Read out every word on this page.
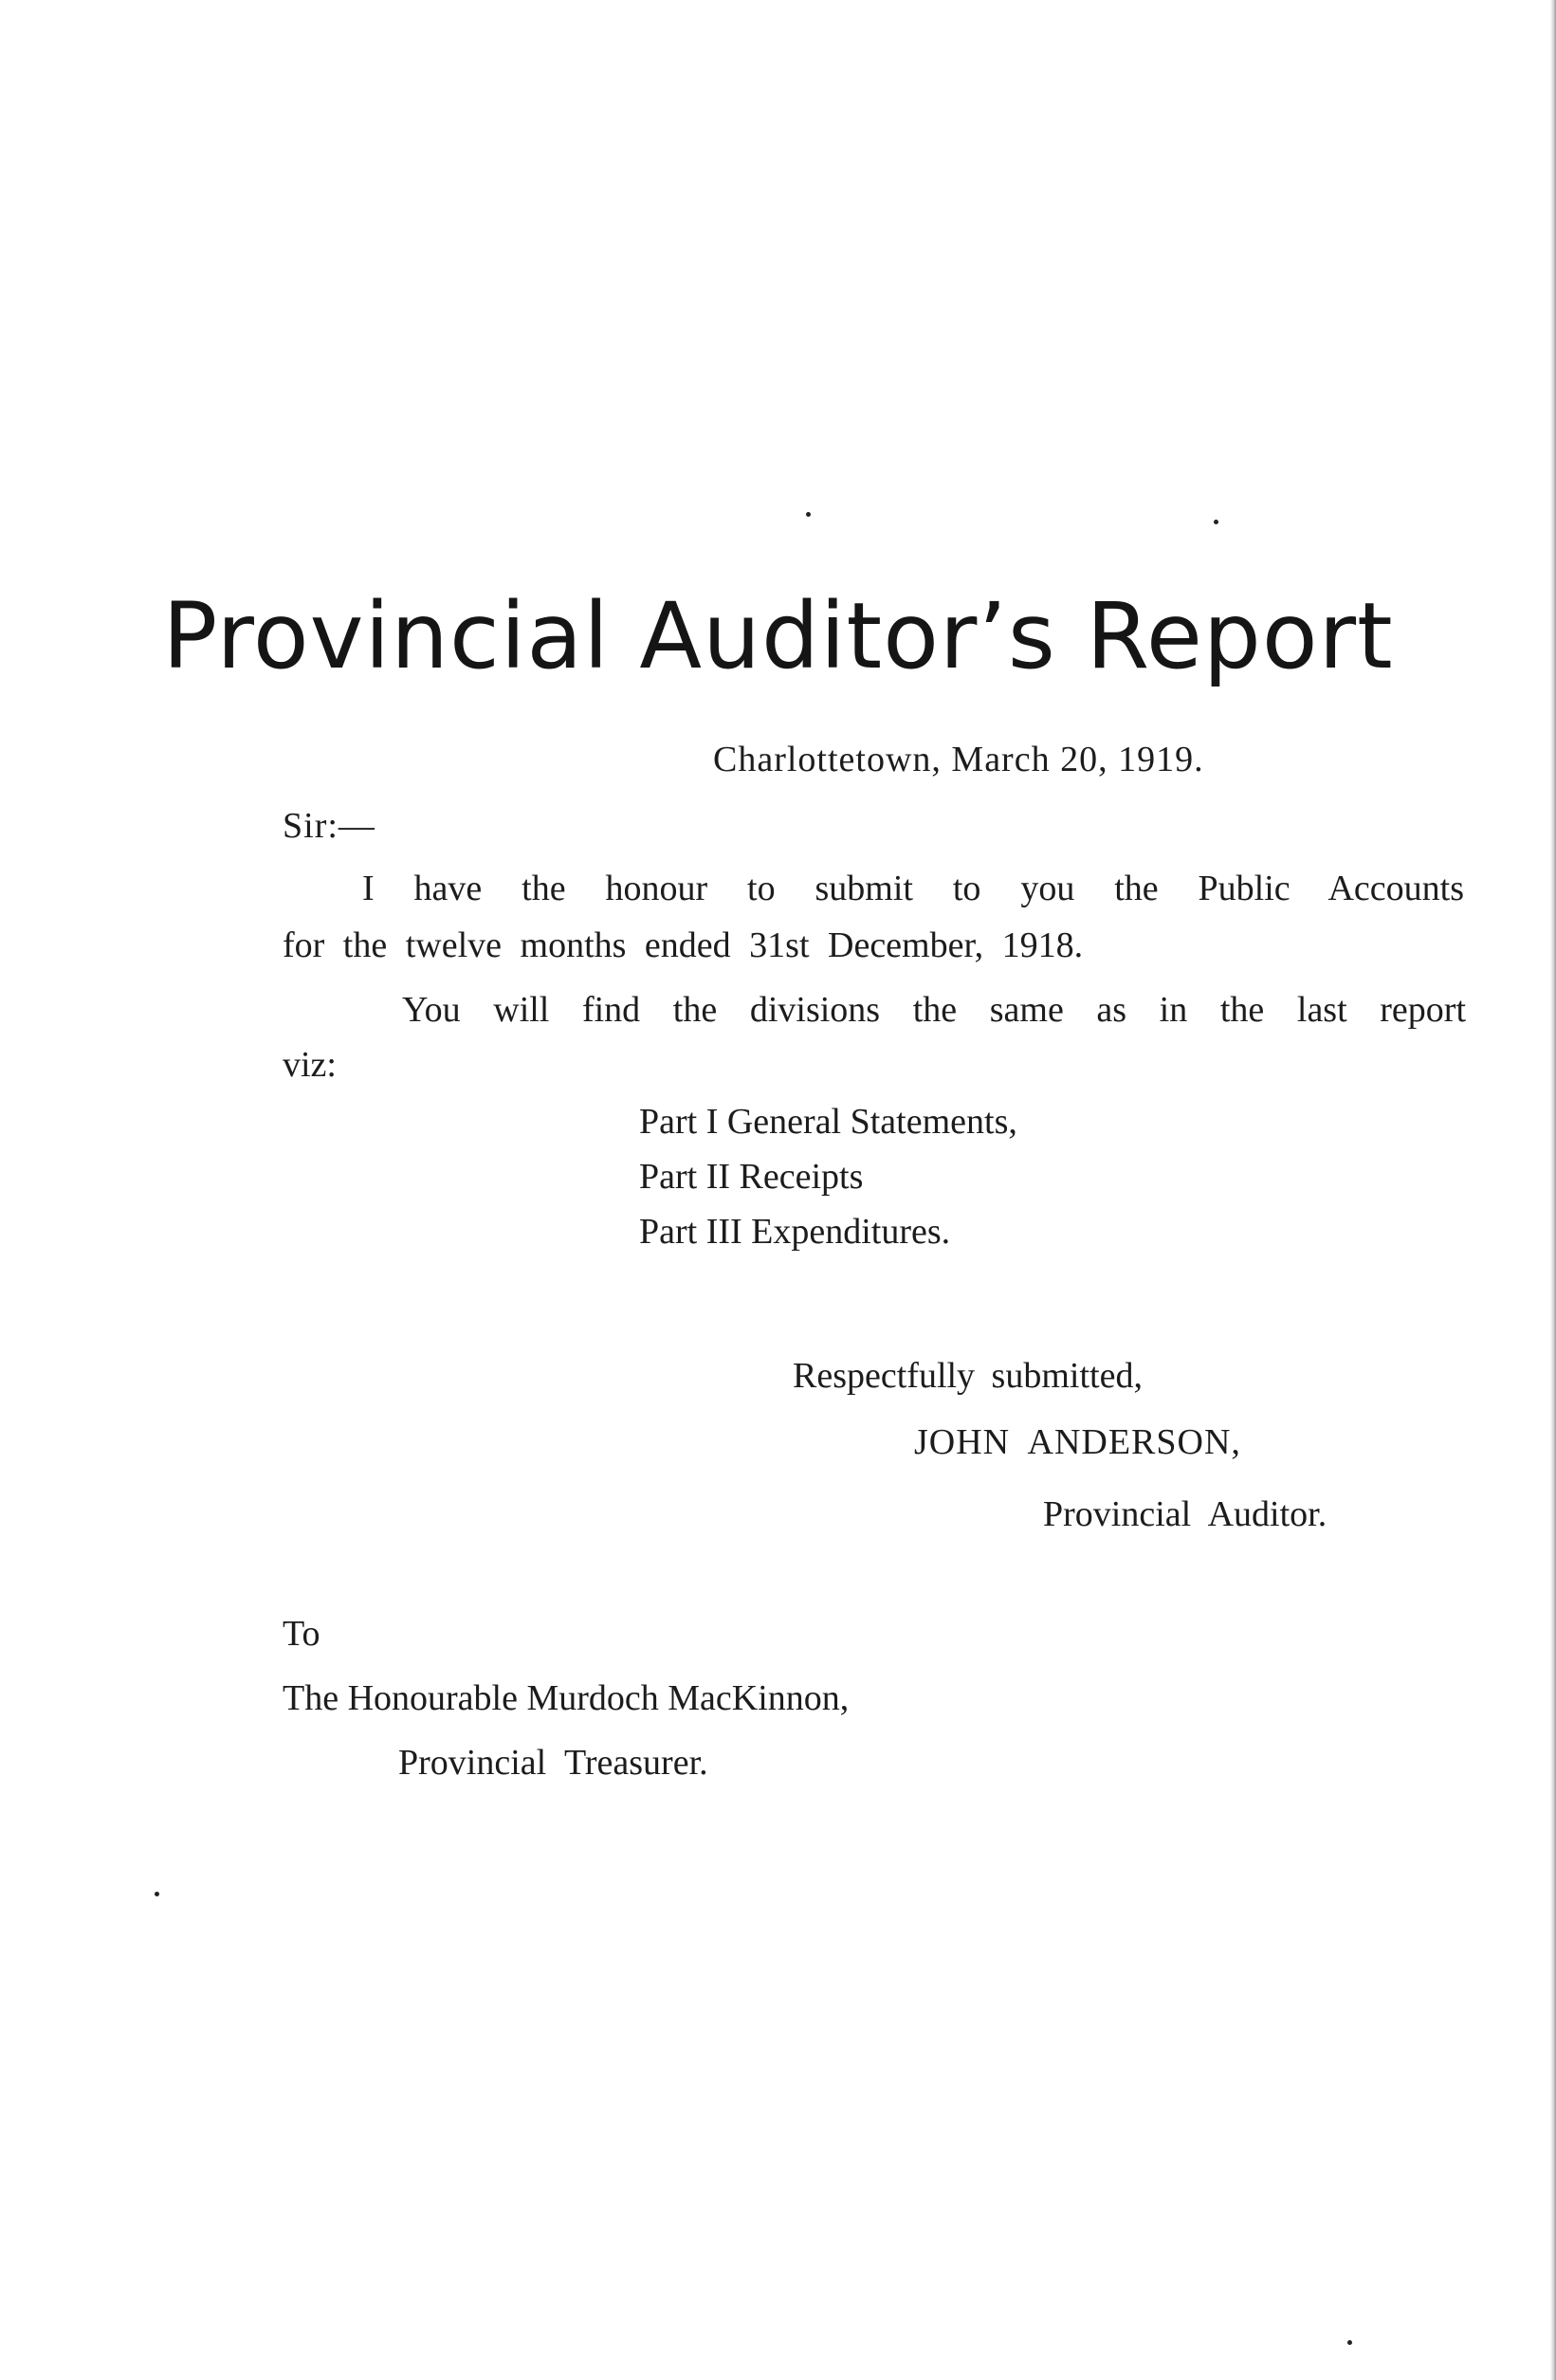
Provincial Auditor’s Report

Charlottetown, March 20, 1919.

Sir:—

I have the honour to submit to you the Public Accounts

for the twelve months ended 31st December, 1918.

You will find the divisions the same as in the last report

viz:

Part I General Statements,

Part II Receipts

Part III Expenditures.

Respectfully submitted,

JOHN ANDERSON,

Provincial Auditor.

To

The Honourable Murdoch MacKinnon,

Provincial Treasurer.
